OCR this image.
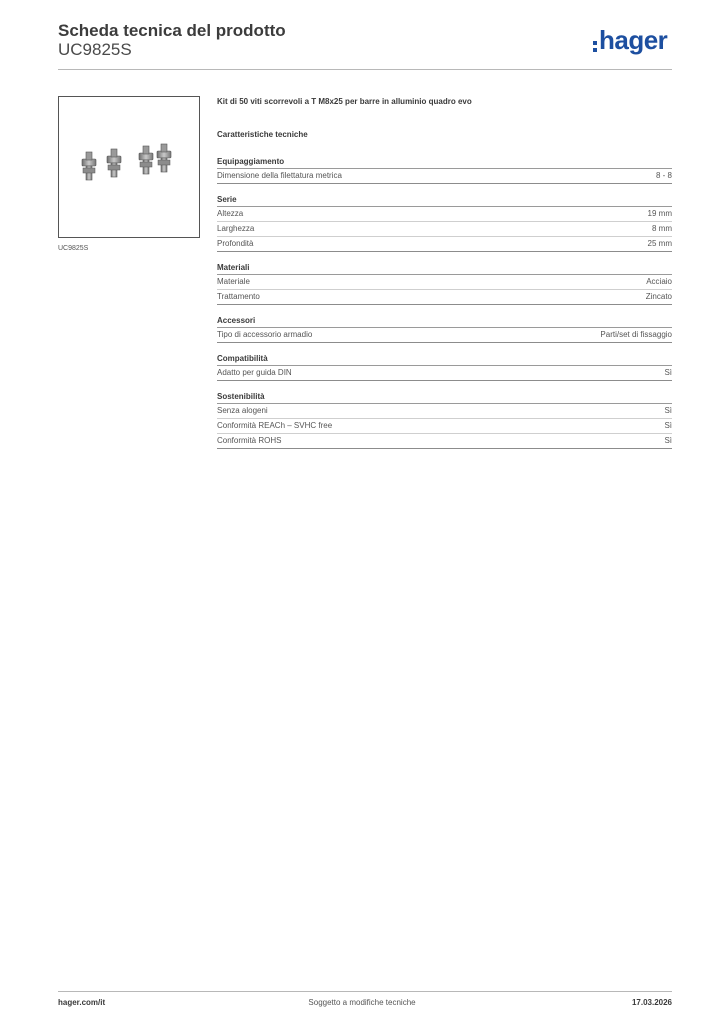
Scheda tecnica del prodotto
UC9825S	hager
UC9825S
Kit di 50 viti scorrevoli a T M8x25 per barre in alluminio quadro evo
Caratteristiche tecniche
Equipaggiamento
Dimensione della filettatura metrica	8 - 8
Serie
Altezza	19 mm
Larghezza	8 mm
Profondità	25 mm
Materiali
Materiale	Acciaio
Trattamento	Zincato
Accessori
Tipo di accessorio armadio	Parti/set di fissaggio
Compatibilità
Adatto per guida DIN	Sì
Sostenibilità
Senza alogeni	Sì
Conformità REACh – SVHC free	Sì
Conformità ROHS	Sì
hager.com/it	Soggetto a modifiche tecniche	17.03.2026
